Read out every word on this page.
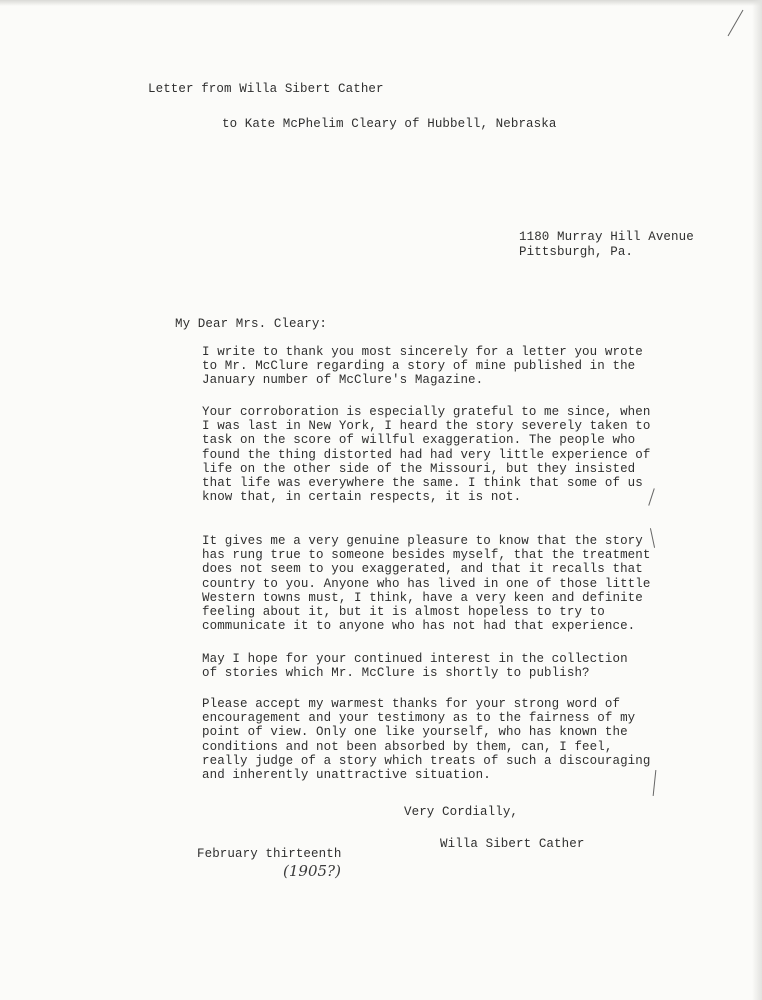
Letter from Willa Sibert Cather

to Kate McPhelim Cleary of Hubbell, Nebraska

1180 Murray Hill Avenue

Pittsburgh, Pa.

My Dear Mrs. Cleary:

I write to thank you most sincerely for a letter you wrote
to Mr. McClure regarding a story of mine published in the
January number of McClure's Magazine.

Your corroboration is especially grateful to me since, when
I was last in New York, I heard the story severely taken to
task on the score of willful exaggeration. The people who
found the thing distorted had had very little experience of
life on the other side of the Missouri, but they insisted
that life was everywhere the same. I think that some of us
know that, in certain respects, it is not.

It gives me a very genuine pleasure to know that the story
has rung true to someone besides myself, that the treatment
does not seem to you exaggerated, and that it recalls that
country to you. Anyone who has lived in one of those little
Western towns must, I think, have a very keen and definite
feeling about it, but it is almost hopeless to try to
communicate it to anyone who has not had that experience.

May I hope for your continued interest in the collection
of stories which Mr. McClure is shortly to publish?

Please accept my warmest thanks for your strong word of
encouragement and your testimony as to the fairness of my
point of view. Only one like yourself, who has known the
conditions and not been absorbed by them, can, I feel,
really judge of a story which treats of such a discouraging
and inherently unattractive situation.

Very Cordially,

Willa Sibert Cather

February thirteenth

(1905?)
